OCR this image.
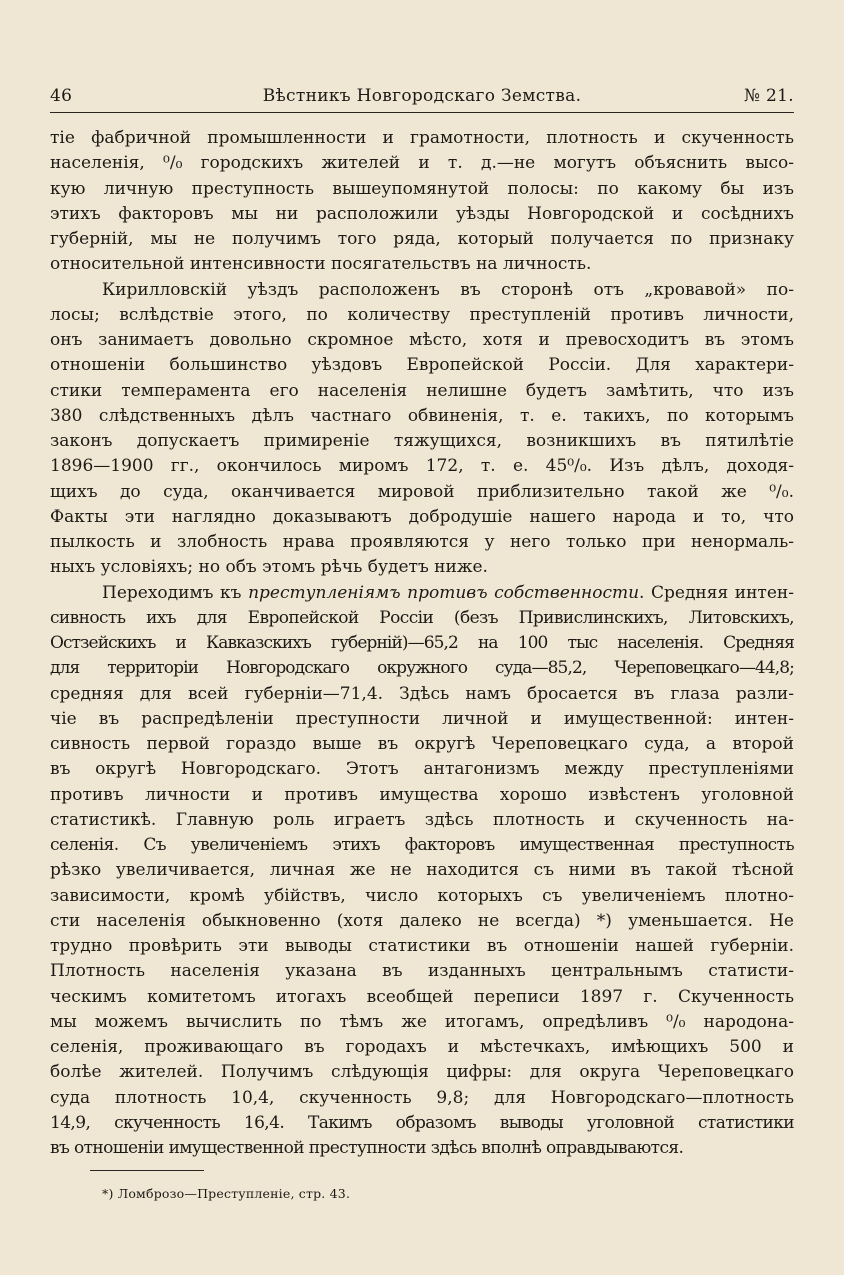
46	Вѣстникъ Новгородскаго Земства.	№ 21.
тіе фабричной промышленности и грамотности, плотность и скученность
населенія, ⁰/₀ городскихъ жителей и т. д.—не могутъ объяснить высо-
кую личную преступность вышеупомянутой полосы: по какому бы изъ
этихъ факторовъ мы ни расположили уѣзды Новгородской и сосѣднихъ
губерній, мы не получимъ того ряда, который получается по признаку
относительной интенсивности посягательствъ на личность.
Кирилловскій уѣздъ расположенъ въ сторонѣ отъ „кровавой» по-
лосы; вслѣдствіе этого, по количеству преступленій противъ личности,
онъ занимаетъ довольно скромное мѣсто, хотя и превосходитъ въ этомъ
отношеніи большинство уѣздовъ Европейской Россіи. Для характери-
стики темперамента его населенія нелишне будетъ замѣтить, что изъ
380 слѣдственныхъ дѣлъ частнаго обвиненія, т. е. такихъ, по которымъ
законъ допускаетъ примиреніе тяжущихся, возникшихъ въ пятилѣтіе
1896—1900 гг., окончилось миромъ 172, т. е. 45⁰/₀. Изъ дѣлъ, доходя-
щихъ до суда, оканчивается мировой приблизительно такой же ⁰/₀.
Факты эти наглядно доказываютъ добродушіе нашего народа и то, что
пылкость и злобность нрава проявляются у него только при ненормаль-
ныхъ условіяхъ; но объ этомъ рѣчь будетъ ниже.
Переходимъ къ преступленіямъ противъ собственности. Средняя интен-
сивность ихъ для Европейской Россіи (безъ Привислинскихъ, Литовскихъ,
Остзейскихъ и Кавказскихъ губерній)—65,2 на 100 тыс населенія. Средняя
для территоріи Новгородскаго окружного суда—85,2, Череповецкаго—44,8;
средняя для всей губерніи—71,4. Здѣсь намъ бросается въ глаза разли-
чіе въ распредѣленіи преступности личной и имущественной: интен-
сивность первой гораздо выше въ округѣ Череповецкаго суда, а второй
въ округѣ Новгородскаго. Этотъ антагонизмъ между преступленіями
противъ личности и противъ имущества хорошо извѣстенъ уголовной
статистикѣ. Главную роль играетъ здѣсь плотность и скученность на-
селенія. Съ увеличеніемъ этихъ факторовъ имущественная преступность
рѣзко увеличивается, личная же не находится съ ними въ такой тѣсной
зависимости, кромѣ убійствъ, число которыхъ съ увеличеніемъ плотно-
сти населенія обыкновенно (хотя далеко не всегда) *) уменьшается. Не
трудно провѣрить эти выводы статистики въ отношеніи нашей губерніи.
Плотность населенія указана въ изданныхъ центральнымъ статисти-
ческимъ комитетомъ итогахъ всеобщей переписи 1897 г. Скученность
мы можемъ вычислить по тѣмъ же итогамъ, опредѣливъ ⁰/₀ народона-
селенія, проживающаго въ городахъ и мѣстечкахъ, имѣющихъ 500 и
болѣе жителей. Получимъ слѣдующія цифры: для округа Череповецкаго
суда плотность 10,4, скученность 9,8; для Новгородскаго—плотность
14,9, скученность 16,4. Такимъ образомъ выводы уголовной статистики
въ отношеніи имущественной преступности здѣсь вполнѣ оправдываются.
*) Ломброзо—Преступленіе, стр. 43.
